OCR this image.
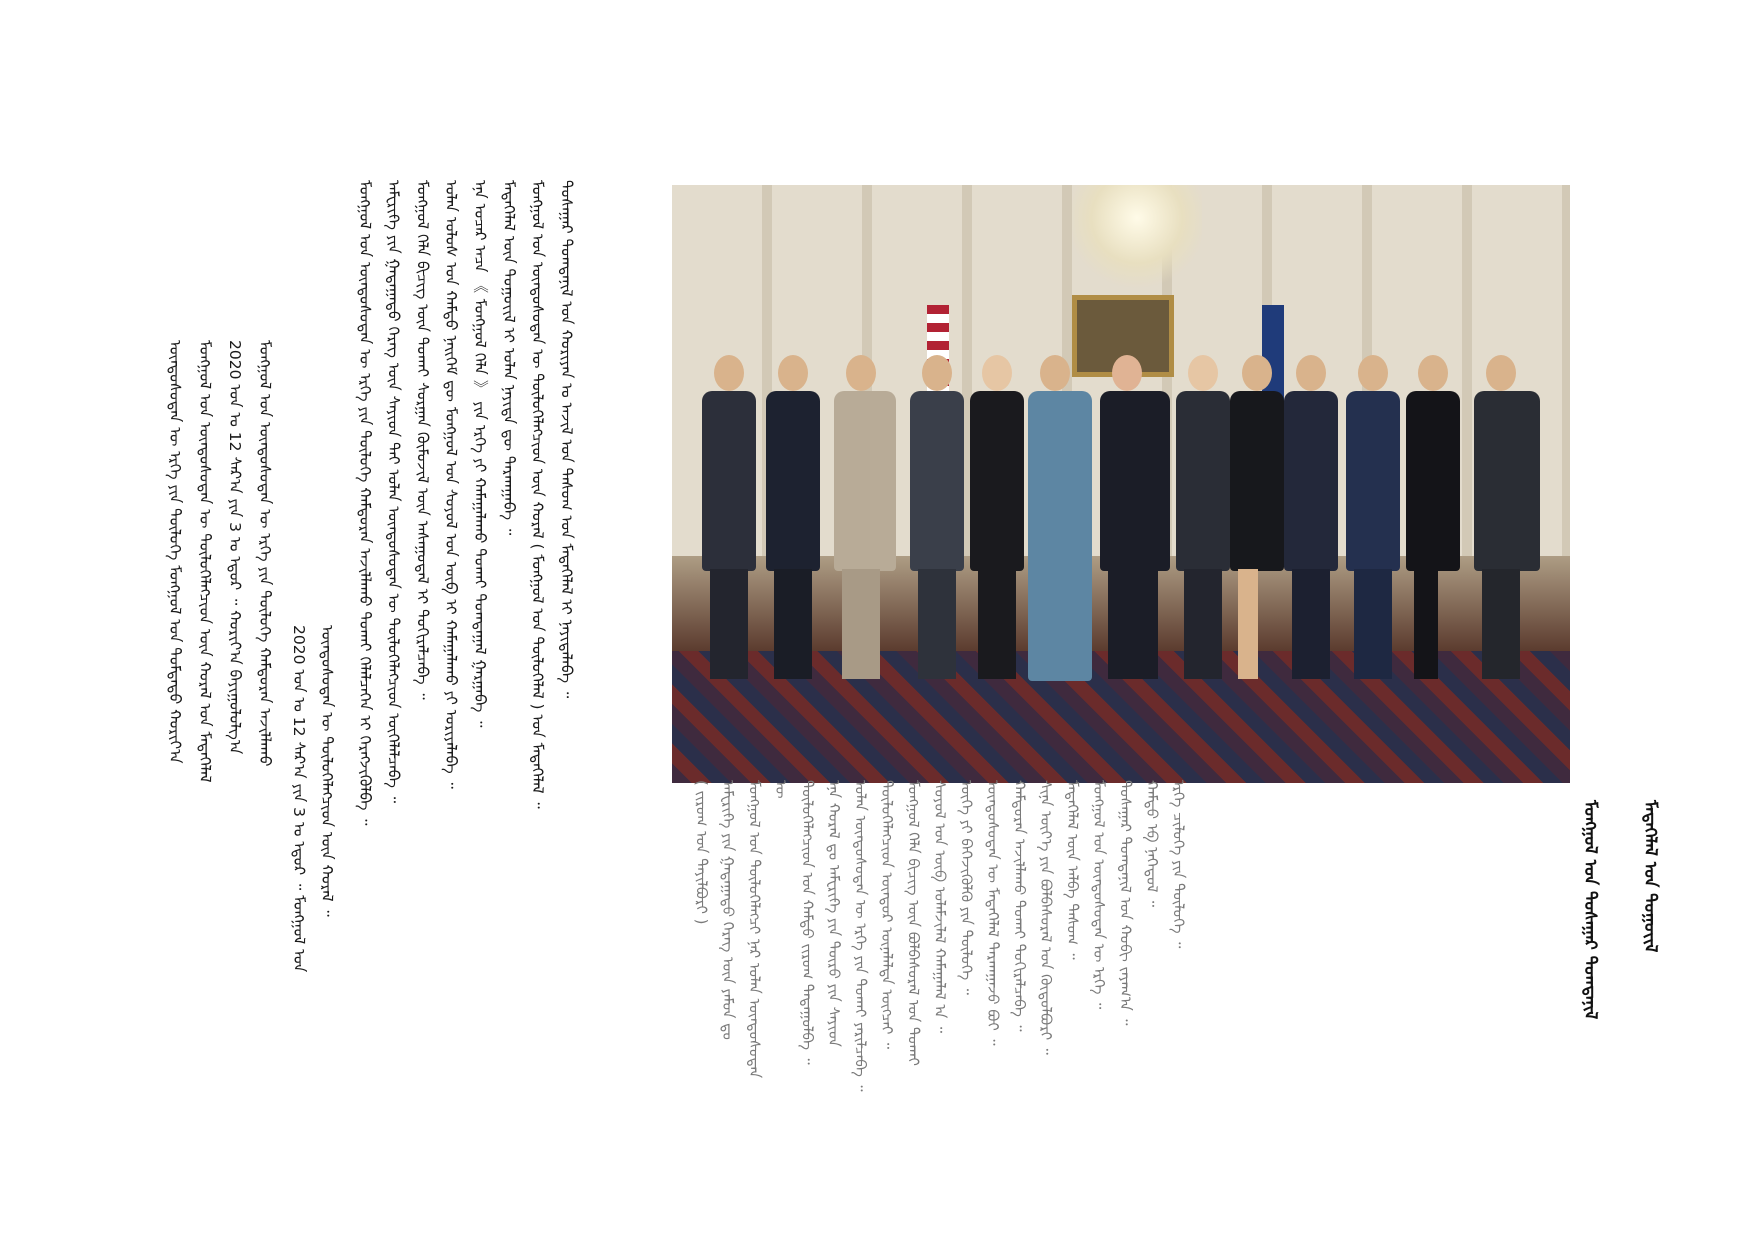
ᠮᠣᠩᠭᠣᠯ ᠤᠨ ᠲᠤᠰᠠᠭᠠᠷ ᠲᠣᠭᠲᠠᠨᠢᠯ ᠮᠡᠳᠡᠭᠡᠯᠡᠯ ᠤᠨ ᠳᠣᠭᠣᠶ᠋ᠢᠯ

( ᠵᠢᠷᠤᠭ ᠤᠨ ᠲᠠᠶᠢᠯᠪᠤᠷᠢ )
ᠠᠮᠸᠷᠢᠻᠠ ᠶᠢᠨ ᠭᠠᠳᠠᠭᠠᠳᠤ ᠬᠡᠷᠡᠭ ᠦᠨ ᠶᠠᠮᠤᠨ ᠳᠤ
ᠮᠣᠩᠭᠣᠯ ᠤᠨ ᠲᠥᠯᠦᠭᠡᠯᠡᠭᠴᠢ ᠨᠠᠷ ᠤᠯᠠᠨ ᠦᠨᠳᠦᠰᠦᠲᠡᠨ ᠦ
ᠲᠥᠯᠦᠭᠡᠯᠡᠭᠴᠢᠳ ᠤᠨ ᠬᠠᠮᠲᠤ ᠵᠢᠷᠤᠭ ᠲᠠᠲᠠᠭᠤᠯᠪᠠ ᠃
ᠡᠨᠡ ᠬᠤᠷᠠᠯ ᠳᠤ ᠠᠮᠸᠷᠢᠻᠠ ᠶᠢᠨ ᠲᠥᠷᠦ ᠶᠢᠨ ᠰᠠᠶᠢᠳ
ᠤᠯᠠᠨ ᠦᠨᠳᠦᠰᠦᠲᠡᠨ ᠦ ᠡᠷᠬᠡ ᠶᠢᠨ ᠲᠤᠬᠠᠶ ᠶᠠᠷᠢᠯᠴᠠᠪᠠ ᠃
ᠲᠥᠯᠦᠭᠡᠯᠡᠭᠴᠢᠳ ᠦᠨᠳᠦᠷ ᠦᠨᠡᠯᠡᠯᠲᠡ ᠥᠭᠴᠡᠢ ᠃
ᠮᠣᠩᠭᠣᠯ ᠬᠡᠯᠡ ᠪᠢᠴᠢᠭ ᠦᠨ ᠪᠣᠯᠪᠠᠰᠤᠷᠠᠯ ᠤᠨ ᠲᠤᠬᠠᠶ
ᠰᠣᠶᠤᠯ ᠤᠨ ᠥᠪ ᠤᠯᠠᠮᠵᠢᠯᠠᠯ ᠬᠠᠮᠠᠭᠠᠯᠠᠯ ᠠ ᠃
ᠦᠭᠡ ᠶᠢ ᠪᠡᠬᠡᠵᠢᠭᠦᠯᠬᠦ ᠶᠢᠨ ᠲᠥᠯᠦᠭᠡ ᠃
ᠦᠨᠳᠦᠰᠦᠲᠡᠨ ᠦ ᠮᠡᠳᠡᠭᠡᠯᠡᠯ ᠲᠠᠷᠬᠠᠭᠠᠵᠤ ᠪᠤᠢ ᠃
ᠬᠠᠮᠲᠤᠷᠠᠨ ᠠᠵᠢᠯᠯᠠᠬᠤ ᠲᠤᠬᠠᠶ ᠲᠣᠬᠢᠷᠠᠯᠴᠠᠪᠠ ᠃
ᠰᠢᠨᠡ ᠦᠶ᠎ᠡ ᠶᠢᠨ ᠪᠣᠯᠪᠠᠰᠤᠷᠠᠯ ᠤᠨ ᠬᠥᠲᠥᠯᠪᠦᠷᠢ ᠃
ᠮᠡᠳᠡᠭᠡᠯᠡᠯ ᠦᠨ ᠠᠯᠪᠠ ᠲᠠᠰᠤᠭ ᠃
ᠮᠣᠩᠭᠣᠯ ᠤᠨ ᠦᠨᠳᠦᠰᠦᠲᠡᠨ ᠦ ᠡᠷᠬᠡ ᠃
ᠲᠤᠰᠠᠭᠠᠷ ᠲᠣᠭᠲᠠᠨᠢᠯ ᠤᠨ ᠬᠤᠪᠢ ᠵᠠᠶᠠᠭ᠎ᠠ ᠃
ᠬᠠᠮᠲᠤ ᠡᠪ ᠨᠡᠭᠡᠳᠦᠯ ᠃
ᠡᠷᠬᠡ ᠴᠢᠯᠦᠭᠡ ᠶᠢᠨ ᠲᠥᠯᠦᠭᠡ ᠃
ᠮᠣᠩᠭᠣᠯ ᠤᠨ ᠦᠨᠳᠦᠰᠦᠲᠡᠨ ᠦ ᠡᠷᠬᠡ ᠶᠢᠨ ᠲᠥᠯᠦᠭᠡ ᠬᠠᠮᠲᠤᠷᠠᠨ ᠠᠵᠢᠯᠯᠠᠬᠤ ᠲᠤᠬᠠᠶ ᠬᠡᠯᠡᠯᠴᠡᠭᠡᠨ ᠢ ᠬᠡᠷᠡᠭᠵᠢᠭᠦᠯᠪᠡ ᠃
ᠠᠮᠸᠷᠢᠻᠠ ᠶᠢᠨ ᠭᠠᠳᠠᠭᠠᠳᠤ ᠬᠡᠷᠡᠭ ᠦᠨ ᠰᠠᠶᠢᠳ ᠲᠠᠢ ᠤᠯᠠᠨ ᠦᠨᠳᠦᠰᠦᠲᠡᠨ ᠦ ᠲᠥᠯᠦᠭᠡᠯᠡᠭᠴᠢᠳ ᠦᠭᠡᠯᠡᠯᠴᠡᠪᠡ ᠃
ᠮᠣᠩᠭᠣᠯ ᠬᠡᠯᠡ ᠪᠢᠴᠢᠭ ᠦᠨ ᠲᠤᠬᠠᠶ ᠰᠤᠷᠭᠠᠨ ᠬᠦᠮᠦᠵᠢᠯ ᠦᠨ ᠠᠰᠠᠭᠤᠳᠠᠯ ᠢ ᠲᠣᠬᠢᠷᠠᠯᠴᠠᠪᠠ ᠃
ᠣᠯᠠᠨ ᠤᠯᠤᠰ ᠤᠨ ᠬᠠᠮᠲᠤ ᠨᠡᠢᠭᠡᠮ ᠳᠦ ᠮᠣᠩᠭᠣᠯ ᠤᠨ ᠰᠣᠶᠤᠯ ᠤᠨ ᠥᠪ ᠢ ᠬᠠᠮᠠᠭᠠᠯᠠᠬᠤ ᠶᠢ ᠤᠷᠢᠶᠠᠯᠠᠪᠠ ᠃
ᠡᠨᠡ ᠤᠴᠠᠷ ᠠᠴᠠ 《 ᠮᠣᠩᠭᠣᠯ ᠬᠡᠯᠡ 》 ᠶᠢᠨ ᠡᠷᠬᠡ ᠶᠢ ᠬᠠᠮᠠᠭᠠᠯᠠᠬᠤ ᠲᠤᠬᠠᠶ ᠲᠣᠭᠲᠠᠭᠠᠯ ᠭᠠᠷᠭᠠᠪᠠ ᠃
ᠮᠡᠳᠡᠭᠡᠯᠡᠯ ᠦᠨ ᠳᠣᠭᠣᠶ᠋ᠢᠯ ᠢ ᠤᠯᠠᠨ ᠨᠡᠶᠢᠲᠡ ᠳᠦ ᠲᠠᠷᠬᠠᠭᠠᠪᠠ ᠃
ᠮᠣᠩᠭᠣᠯ ᠤᠨ ᠦᠨᠳᠦᠰᠦᠲᠡᠨ ᠦ ᠲᠥᠯᠦᠭᠡᠯᠡᠭᠴᠢᠳ ᠦᠨ ᠬᠤᠷᠠᠯ ( ᠮᠣᠩᠭᠣᠯ ᠤᠨ ᠲᠥᠯᠦᠭᠡᠯᠡᠯ ) ᠤᠨ ᠮᠡᠳᠡᠭᠡᠯᠡᠯ ᠃
ᠲᠤᠰᠠᠭᠠᠷ ᠲᠣᠭᠲᠠᠨᠢᠯ ᠤᠨ ᠬᠣᠷᠢᠶᠠᠨ ᠤ ᠠᠵᠢᠯ ᠤᠨ ᠲᠠᠰᠤᠭ ᠤᠨ ᠮᠡᠳᠡᠭᠡᠯᠡᠯ ᠢ ᠨᠡᠶᠢᠲᠡᠯᠡᠪᠡ ᠃
2020 ᠣᠨ ᠤ 12 ᠰᠠᠷ᠎ᠠ ᠶᠢᠨ 3 ᠤ ᠡᠳᠦᠷ ᠃ ᠮᠣᠩᠭᠣᠯ ᠤᠨ ᠦᠨᠳᠦᠰᠦᠲᠡᠨ ᠦ ᠲᠥᠯᠦᠭᠡᠯᠡᠭᠴᠢᠳ ᠦᠨ ᠬᠤᠷᠠᠯ ᠃
ᠦᠨᠳᠦᠰᠦᠲᠡᠨ ᠦ ᠡᠷᠬᠡ ᠶᠢᠨ ᠲᠥᠯᠦᠭᠡ ᠮᠣᠩᠭᠣᠯ ᠤᠨ ᠳᠤᠮᠳᠠᠳᠤ ᠬᠣᠷᠢᠶ᠎ᠠ
ᠮᠣᠩᠭᠣᠯ ᠤᠨ ᠦᠨᠳᠦᠰᠦᠲᠡᠨ ᠦ ᠲᠥᠯᠦᠭᠡᠯᠡᠭᠴᠢᠳ ᠦᠨ ᠬᠤᠷᠠᠯ ᠤᠨ ᠮᠡᠳᠡᠭᠡᠯᠡᠯ
2020 ᠣᠨ ᠤ 12 ᠰᠠᠷ᠎ᠠ ᠶᠢᠨ 3 ᠤ ᠡᠳᠦᠷ ᠃ ᠬᠣᠷᠢᠶ᠎ᠠ ᠪᠠᠶᠢᠭᠤᠯᠤᠯᠭ᠎ᠠ
ᠮᠣᠩᠭᠣᠯ ᠤᠨ ᠦᠨᠳᠦᠰᠦᠲᠡᠨ ᠦ ᠡᠷᠬᠡ ᠶᠢᠨ ᠲᠥᠯᠦᠭᠡ ᠬᠠᠮᠲᠤᠷᠠᠨ ᠠᠵᠢᠯᠯᠠᠬᠤ
